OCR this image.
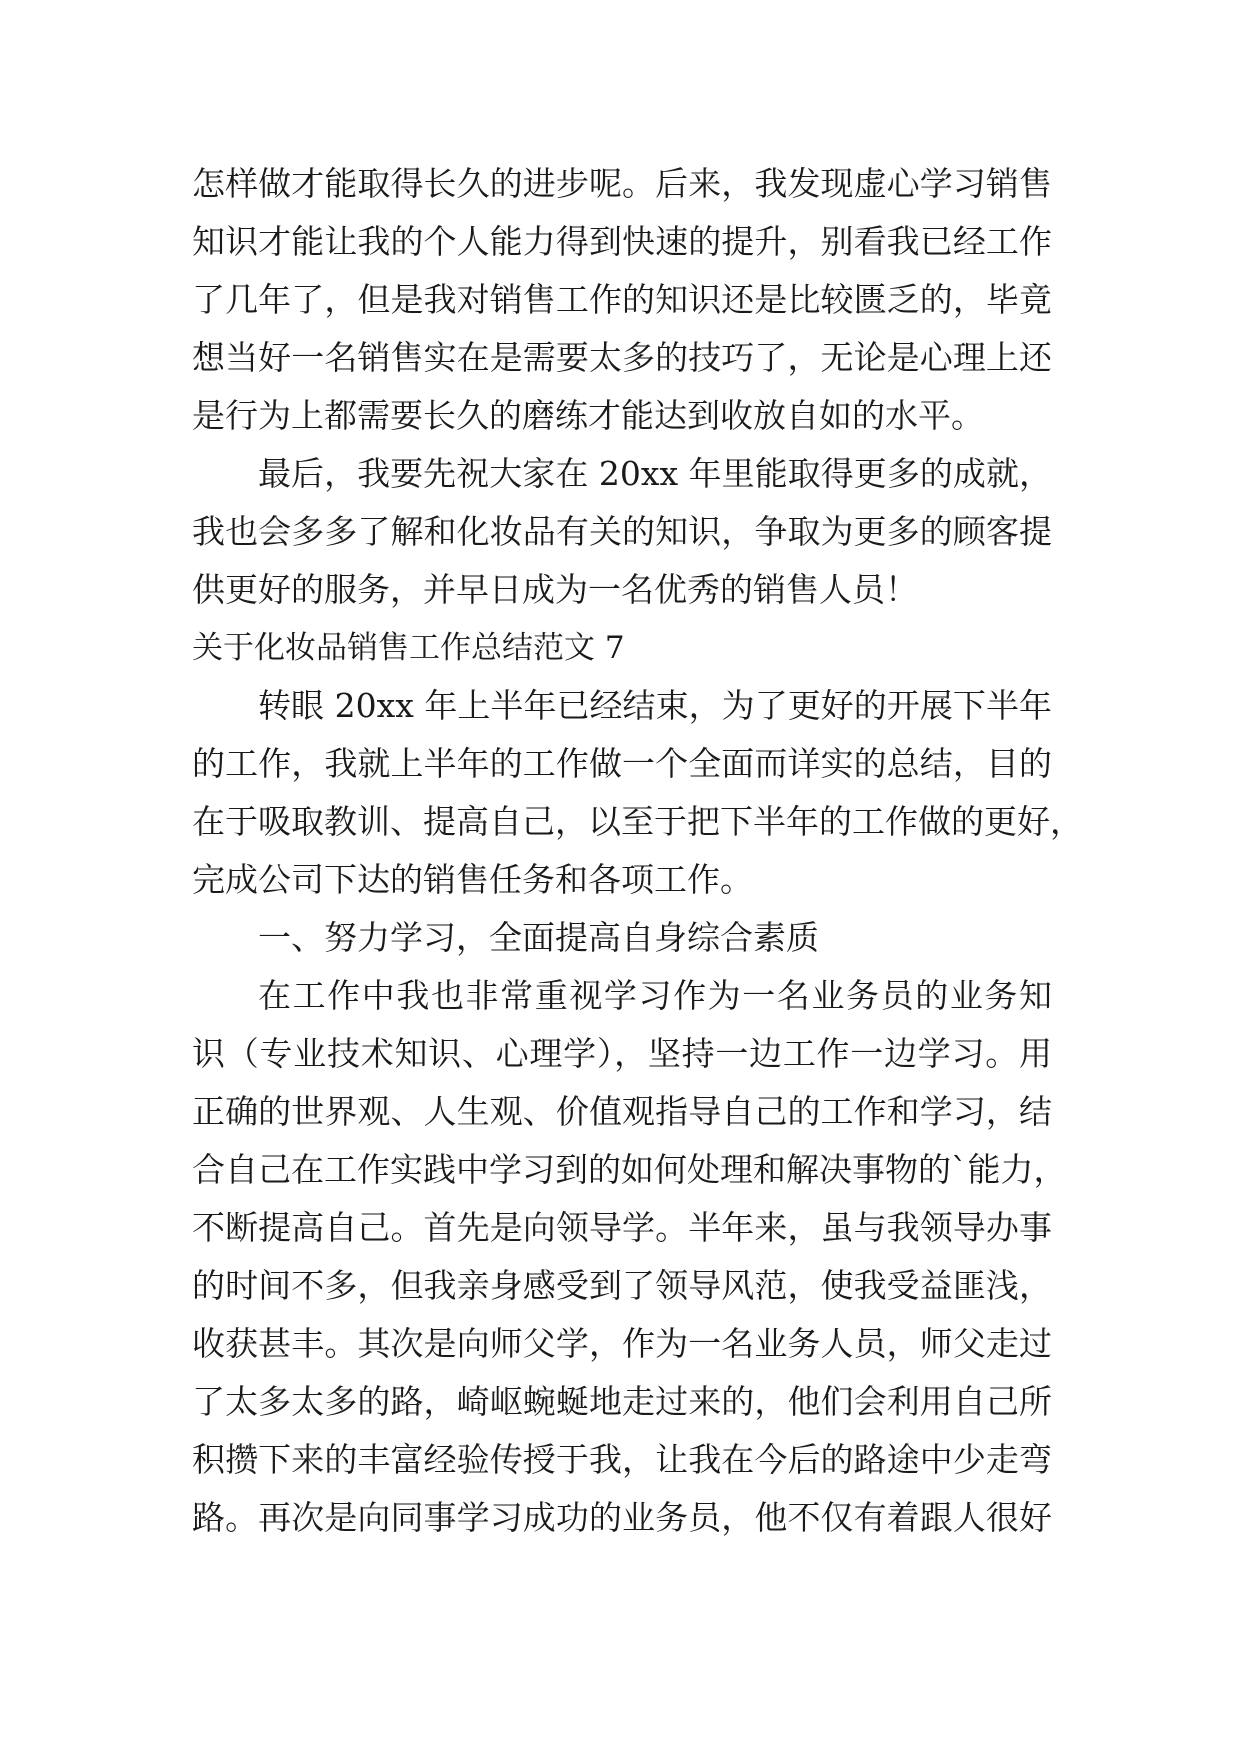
怎样做才能取得长久的进步呢。后来，我发现虚心学习销售
知识才能让我的个人能力得到快速的提升，别看我已经工作
了几年了，但是我对销售工作的知识还是比较匮乏的，毕竟
想当好一名销售实在是需要太多的技巧了，无论是心理上还
是行为上都需要长久的磨练才能达到收放自如的水平。
最后，我要先祝大家在 20xx 年里能取得更多的成就，
我也会多多了解和化妆品有关的知识，争取为更多的顾客提
供更好的服务，并早日成为一名优秀的销售人员！
关于化妆品销售工作总结范文 7
转眼 20xx 年上半年已经结束，为了更好的开展下半年
的工作，我就上半年的工作做一个全面而详实的总结，目的
在于吸取教训、提高自己，以至于把下半年的工作做的更好，
完成公司下达的销售任务和各项工作。
一、努力学习，全面提高自身综合素质
在工作中我也非常重视学习作为一名业务员的业务知
识（专业技术知识、心理学），坚持一边工作一边学习。用
正确的世界观、人生观、价值观指导自己的工作和学习，结
合自己在工作实践中学习到的如何处理和解决事物的`能力，
不断提高自己。首先是向领导学。半年来，虽与我领导办事
的时间不多，但我亲身感受到了领导风范，使我受益匪浅，
收获甚丰。其次是向师父学，作为一名业务人员，师父走过
了太多太多的路，崎岖蜿蜒地走过来的，他们会利用自己所
积攒下来的丰富经验传授于我，让我在今后的路途中少走弯
路。再次是向同事学习成功的业务员，他不仅有着跟人很好
